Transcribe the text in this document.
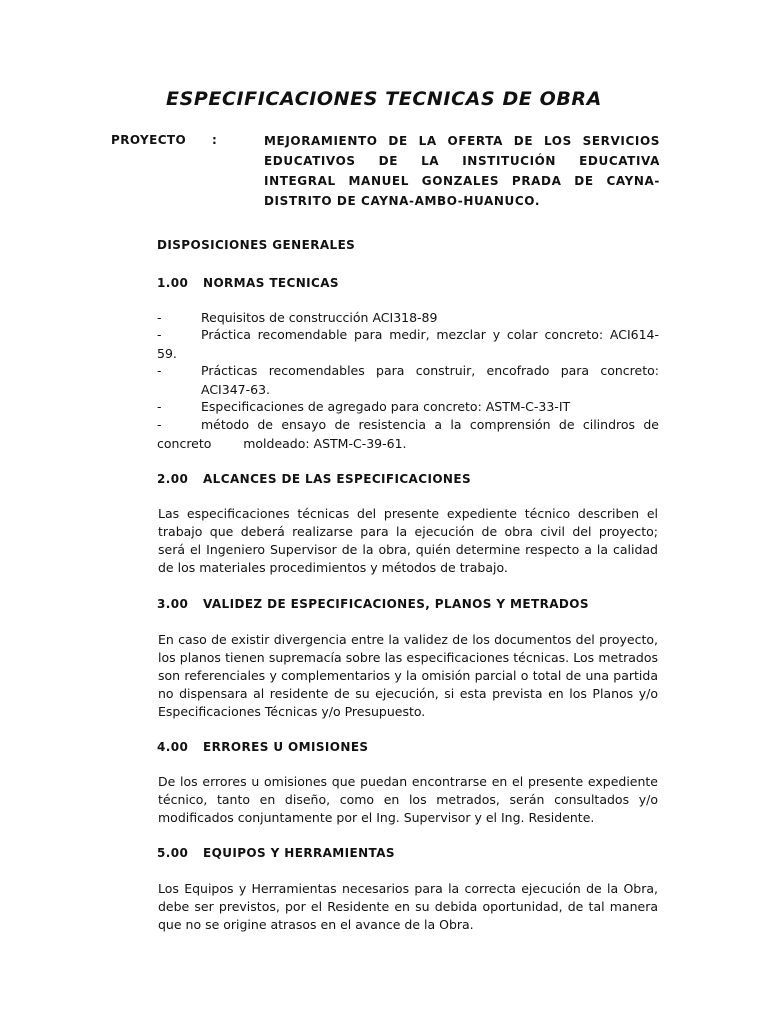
ESPECIFICACIONES TECNICAS DE OBRA
PROYECTO :	MEJORAMIENTO DE LA OFERTA DE LOS SERVICIOS
EDUCATIVOS DE LA INSTITUCIÓN EDUCATIVA
INTEGRAL MANUEL GONZALES PRADA DE CAYNA-
DISTRITO DE CAYNA-AMBO-HUANUCO.
DISPOSICIONES GENERALES
1.00 NORMAS TECNICAS
-	Requisitos de construcción ACI318-89
-	Práctica recomendable para medir, mezclar y colar concreto: ACI614-
59.
-	Prácticas recomendables para construir, encofrado para concreto:
ACI347-63.
-	Especificaciones de agregado para concreto: ASTM-C-33-IT
-	método de ensayo de resistencia a la comprensión de cilindros de
concreto        moldeado: ASTM-C-39-61.
2.00 ALCANCES DE LAS ESPECIFICACIONES
Las especificaciones técnicas del presente expediente técnico describen el
trabajo que deberá realizarse para la ejecución de obra civil del proyecto;
será el Ingeniero Supervisor de la obra, quién determine respecto a la calidad
de los materiales procedimientos y métodos de trabajo.
3.00 VALIDEZ DE ESPECIFICACIONES, PLANOS Y METRADOS
En caso de existir divergencia entre la validez de los documentos del proyecto,
los planos tienen supremacía sobre las especificaciones técnicas. Los metrados
son referenciales y complementarios y la omisión parcial o total de una partida
no dispensara al residente de su ejecución, si esta prevista en los Planos y/o
Especificaciones Técnicas y/o Presupuesto.
4.00 ERRORES U OMISIONES
De los errores u omisiones que puedan encontrarse en el presente expediente
técnico, tanto en diseño, como en los metrados, serán consultados y/o
modificados conjuntamente por el Ing. Supervisor y el Ing. Residente.
5.00 EQUIPOS Y HERRAMIENTAS
Los Equipos y Herramientas necesarios para la correcta ejecución de la Obra,
debe ser previstos, por el Residente en su debida oportunidad, de tal manera
que no se origine atrasos en el avance de la Obra.
